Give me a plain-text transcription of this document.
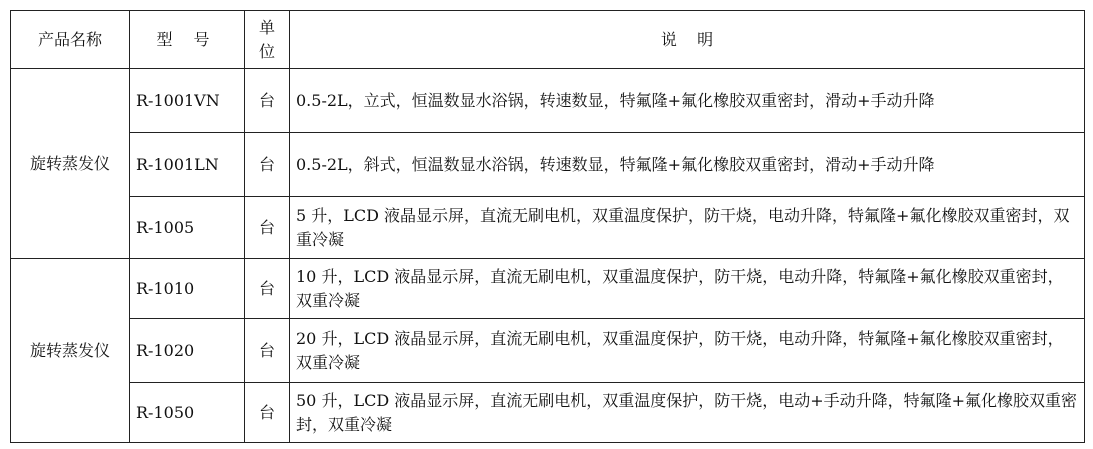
产品名称	型 号	单位	说    明
旋转蒸发仪	R-1001VN	台	0.5-2L，立式，恒温数显水浴锅，转速数显，特氟隆+氟化橡胶双重密封，滑动+手动升降
	R-1001LN	台	0.5-2L，斜式，恒温数显水浴锅，转速数显，特氟隆+氟化橡胶双重密封，滑动+手动升降
	R-1005	台	5 升，LCD 液晶显示屏，直流无刷电机，双重温度保护，防干烧，电动升降，特氟隆+氟化橡胶双重密封，双重冷凝
旋转蒸发仪	R-1010	台	10 升，LCD 液晶显示屏，直流无刷电机，双重温度保护，防干烧，电动升降，特氟隆+氟化橡胶双重密封，双重冷凝
	R-1020	台	20 升，LCD 液晶显示屏，直流无刷电机，双重温度保护，防干烧，电动升降，特氟隆+氟化橡胶双重密封，双重冷凝
	R-1050	台	50 升，LCD 液晶显示屏，直流无刷电机，双重温度保护，防干烧，电动+手动升降，特氟隆+氟化橡胶双重密封，双重冷凝
